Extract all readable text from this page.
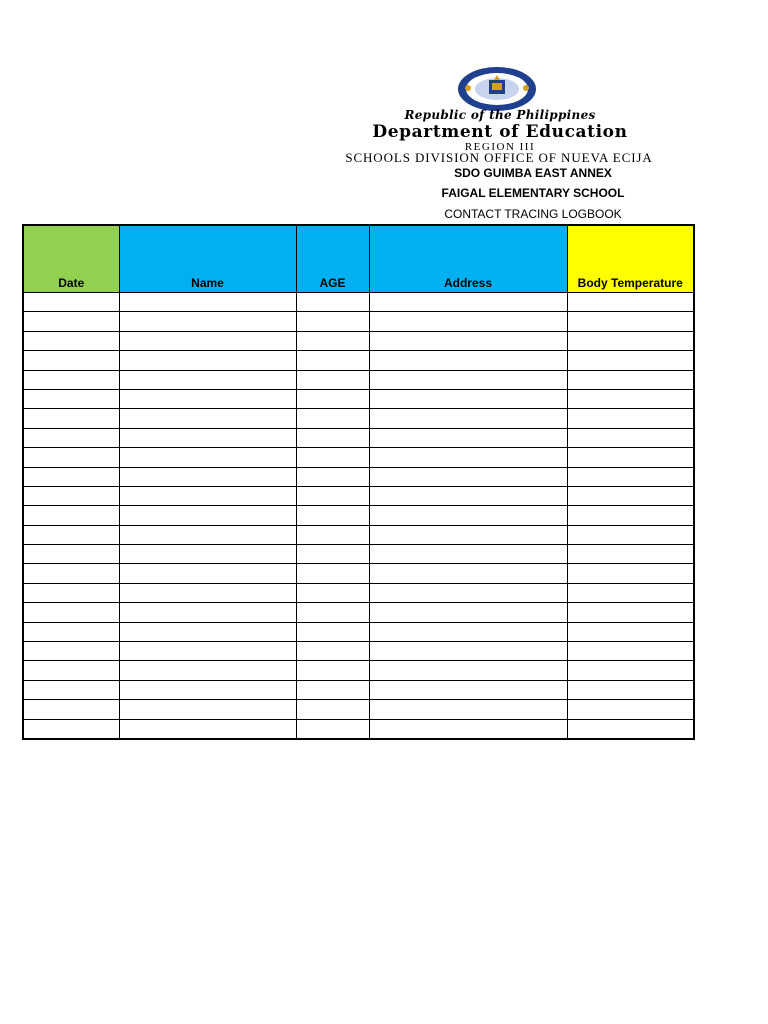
Republic of the Philippines
Department of Education
REGION III
SCHOOLS DIVISION OFFICE OF NUEVA ECIJA
SDO GUIMBA EAST ANNEX
FAIGAL ELEMENTARY SCHOOL
CONTACT TRACING LOGBOOK
Date	Name	AGE	Address	Body Temperature
